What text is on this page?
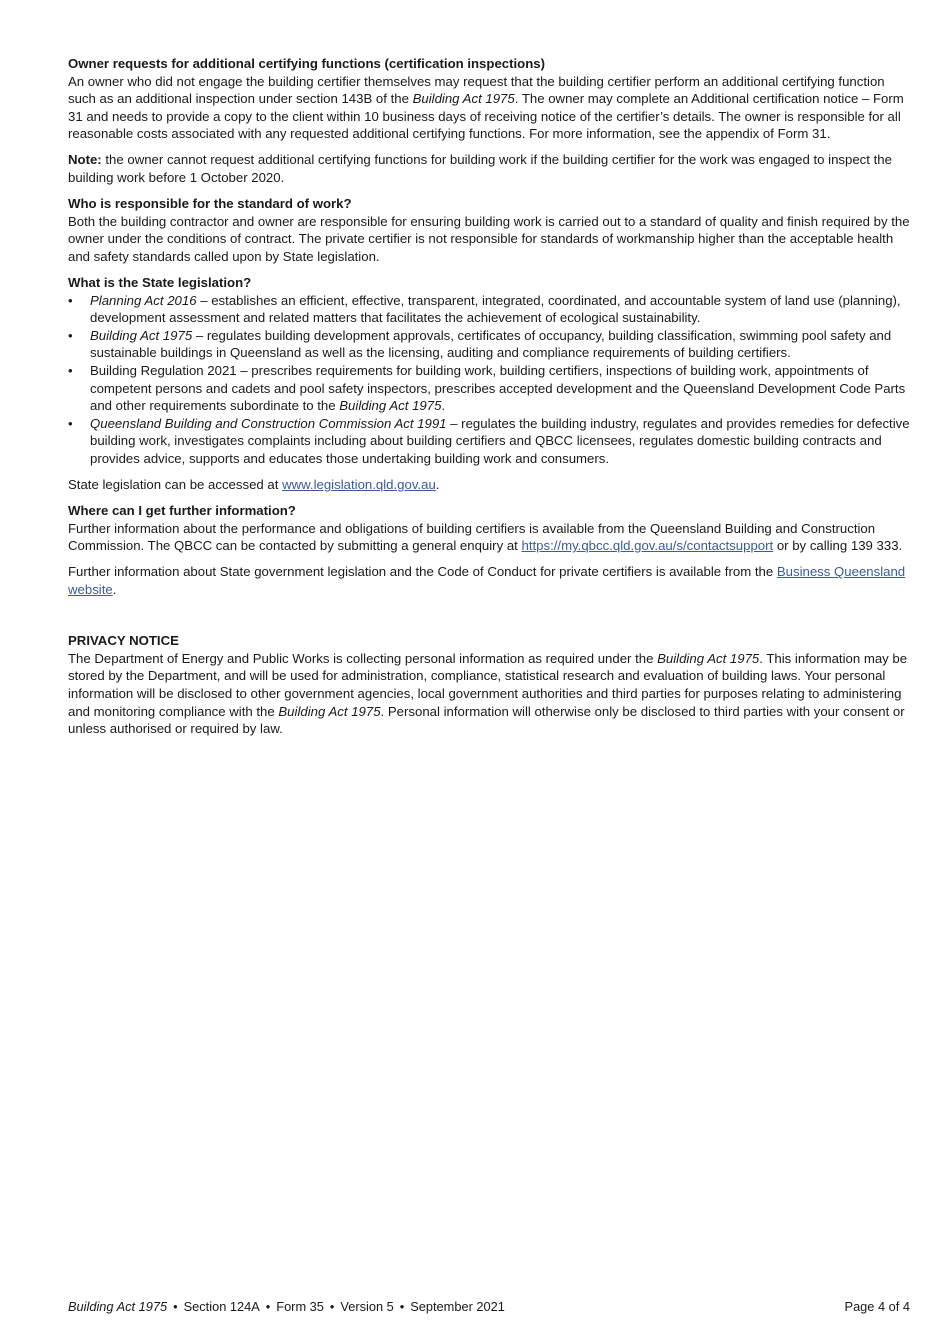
Owner requests for additional certifying functions (certification inspections)

An owner who did not engage the building certifier themselves may request that the building certifier perform an additional certifying function such as an additional inspection under section 143B of the Building Act 1975. The owner may complete an Additional certification notice – Form 31 and needs to provide a copy to the client within 10 business days of receiving notice of the certifier’s details. The owner is responsible for all reasonable costs associated with any requested additional certifying functions. For more information, see the appendix of Form 31.

Note: the owner cannot request additional certifying functions for building work if the building certifier for the work was engaged to inspect the building work before 1 October 2020.

Who is responsible for the standard of work?

Both the building contractor and owner are responsible for ensuring building work is carried out to a standard of quality and finish required by the owner under the conditions of contract. The private certifier is not responsible for standards of workmanship higher than the acceptable health and safety standards called upon by State legislation.

What is the State legislation?
• Planning Act 2016 – establishes an efficient, effective, transparent, integrated, coordinated, and accountable system of land use (planning), development assessment and related matters that facilitates the achievement of ecological sustainability.
• Building Act 1975 – regulates building development approvals, certificates of occupancy, building classification, swimming pool safety and sustainable buildings in Queensland as well as the licensing, auditing and compliance requirements of building certifiers.
• Building Regulation 2021 – prescribes requirements for building work, building certifiers, inspections of building work, appointments of competent persons and cadets and pool safety inspectors, prescribes accepted development and the Queensland Development Code Parts and other requirements subordinate to the Building Act 1975.
• Queensland Building and Construction Commission Act 1991 – regulates the building industry, regulates and provides remedies for defective building work, investigates complaints including about building certifiers and QBCC licensees, regulates domestic building contracts and provides advice, supports and educates those undertaking building work and consumers.

State legislation can be accessed at www.legislation.qld.gov.au.

Where can I get further information?

Further information about the performance and obligations of building certifiers is available from the Queensland Building and Construction Commission. The QBCC can be contacted by submitting a general enquiry at https://my.qbcc.qld.gov.au/s/contactsupport or by calling 139 333.

Further information about State government legislation and the Code of Conduct for private certifiers is available from the Business Queensland website.

PRIVACY NOTICE

The Department of Energy and Public Works is collecting personal information as required under the Building Act 1975. This information may be stored by the Department, and will be used for administration, compliance, statistical research and evaluation of building laws. Your personal information will be disclosed to other government agencies, local government authorities and third parties for purposes relating to administering and monitoring compliance with the Building Act 1975. Personal information will otherwise only be disclosed to third parties with your consent or unless authorised or required by law.

Building Act 1975 • Section 124A • Form 35 • Version 5 • September 2021	Page 4 of 4
